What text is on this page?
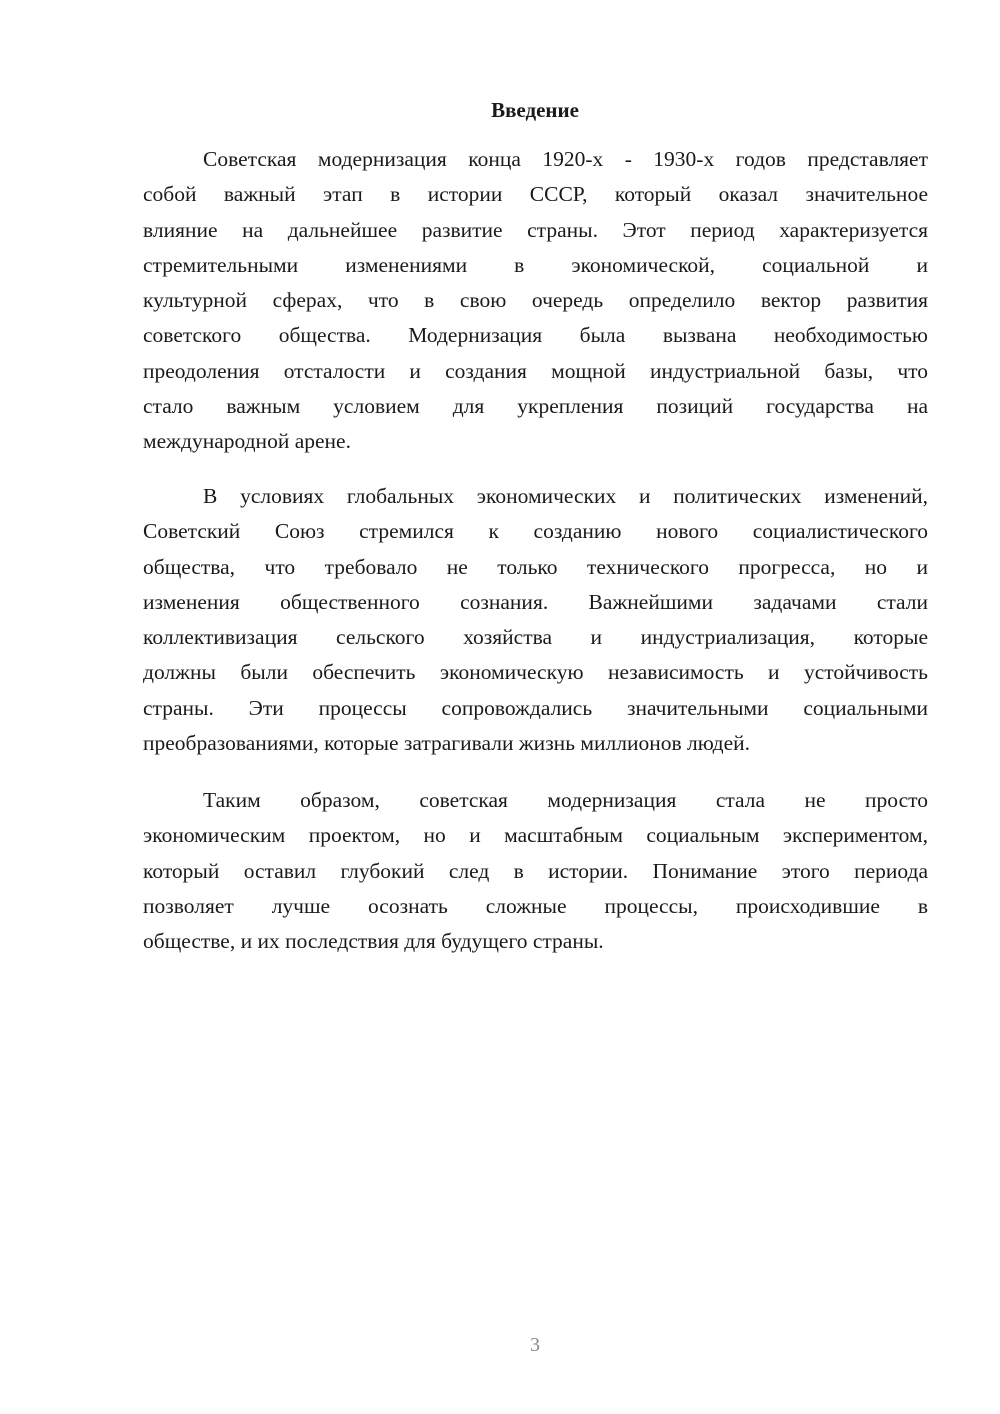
Введение
Советская модернизация конца 1920-х - 1930-х годов представляет
собой важный этап в истории СССР, который оказал значительное
влияние на дальнейшее развитие страны. Этот период характеризуется
стремительными изменениями в экономической, социальной и
культурной сферах, что в свою очередь определило вектор развития
советского общества. Модернизация была вызвана необходимостью
преодоления отсталости и создания мощной индустриальной базы, что
стало важным условием для укрепления позиций государства на
международной арене.
В условиях глобальных экономических и политических изменений,
Советский Союз стремился к созданию нового социалистического
общества, что требовало не только технического прогресса, но и
изменения общественного сознания. Важнейшими задачами стали
коллективизация сельского хозяйства и индустриализация, которые
должны были обеспечить экономическую независимость и устойчивость
страны. Эти процессы сопровождались значительными социальными
преобразованиями, которые затрагивали жизнь миллионов людей.
Таким образом, советская модернизация стала не просто
экономическим проектом, но и масштабным социальным экспериментом,
который оставил глубокий след в истории. Понимание этого периода
позволяет лучше осознать сложные процессы, происходившие в
обществе, и их последствия для будущего страны.
3
